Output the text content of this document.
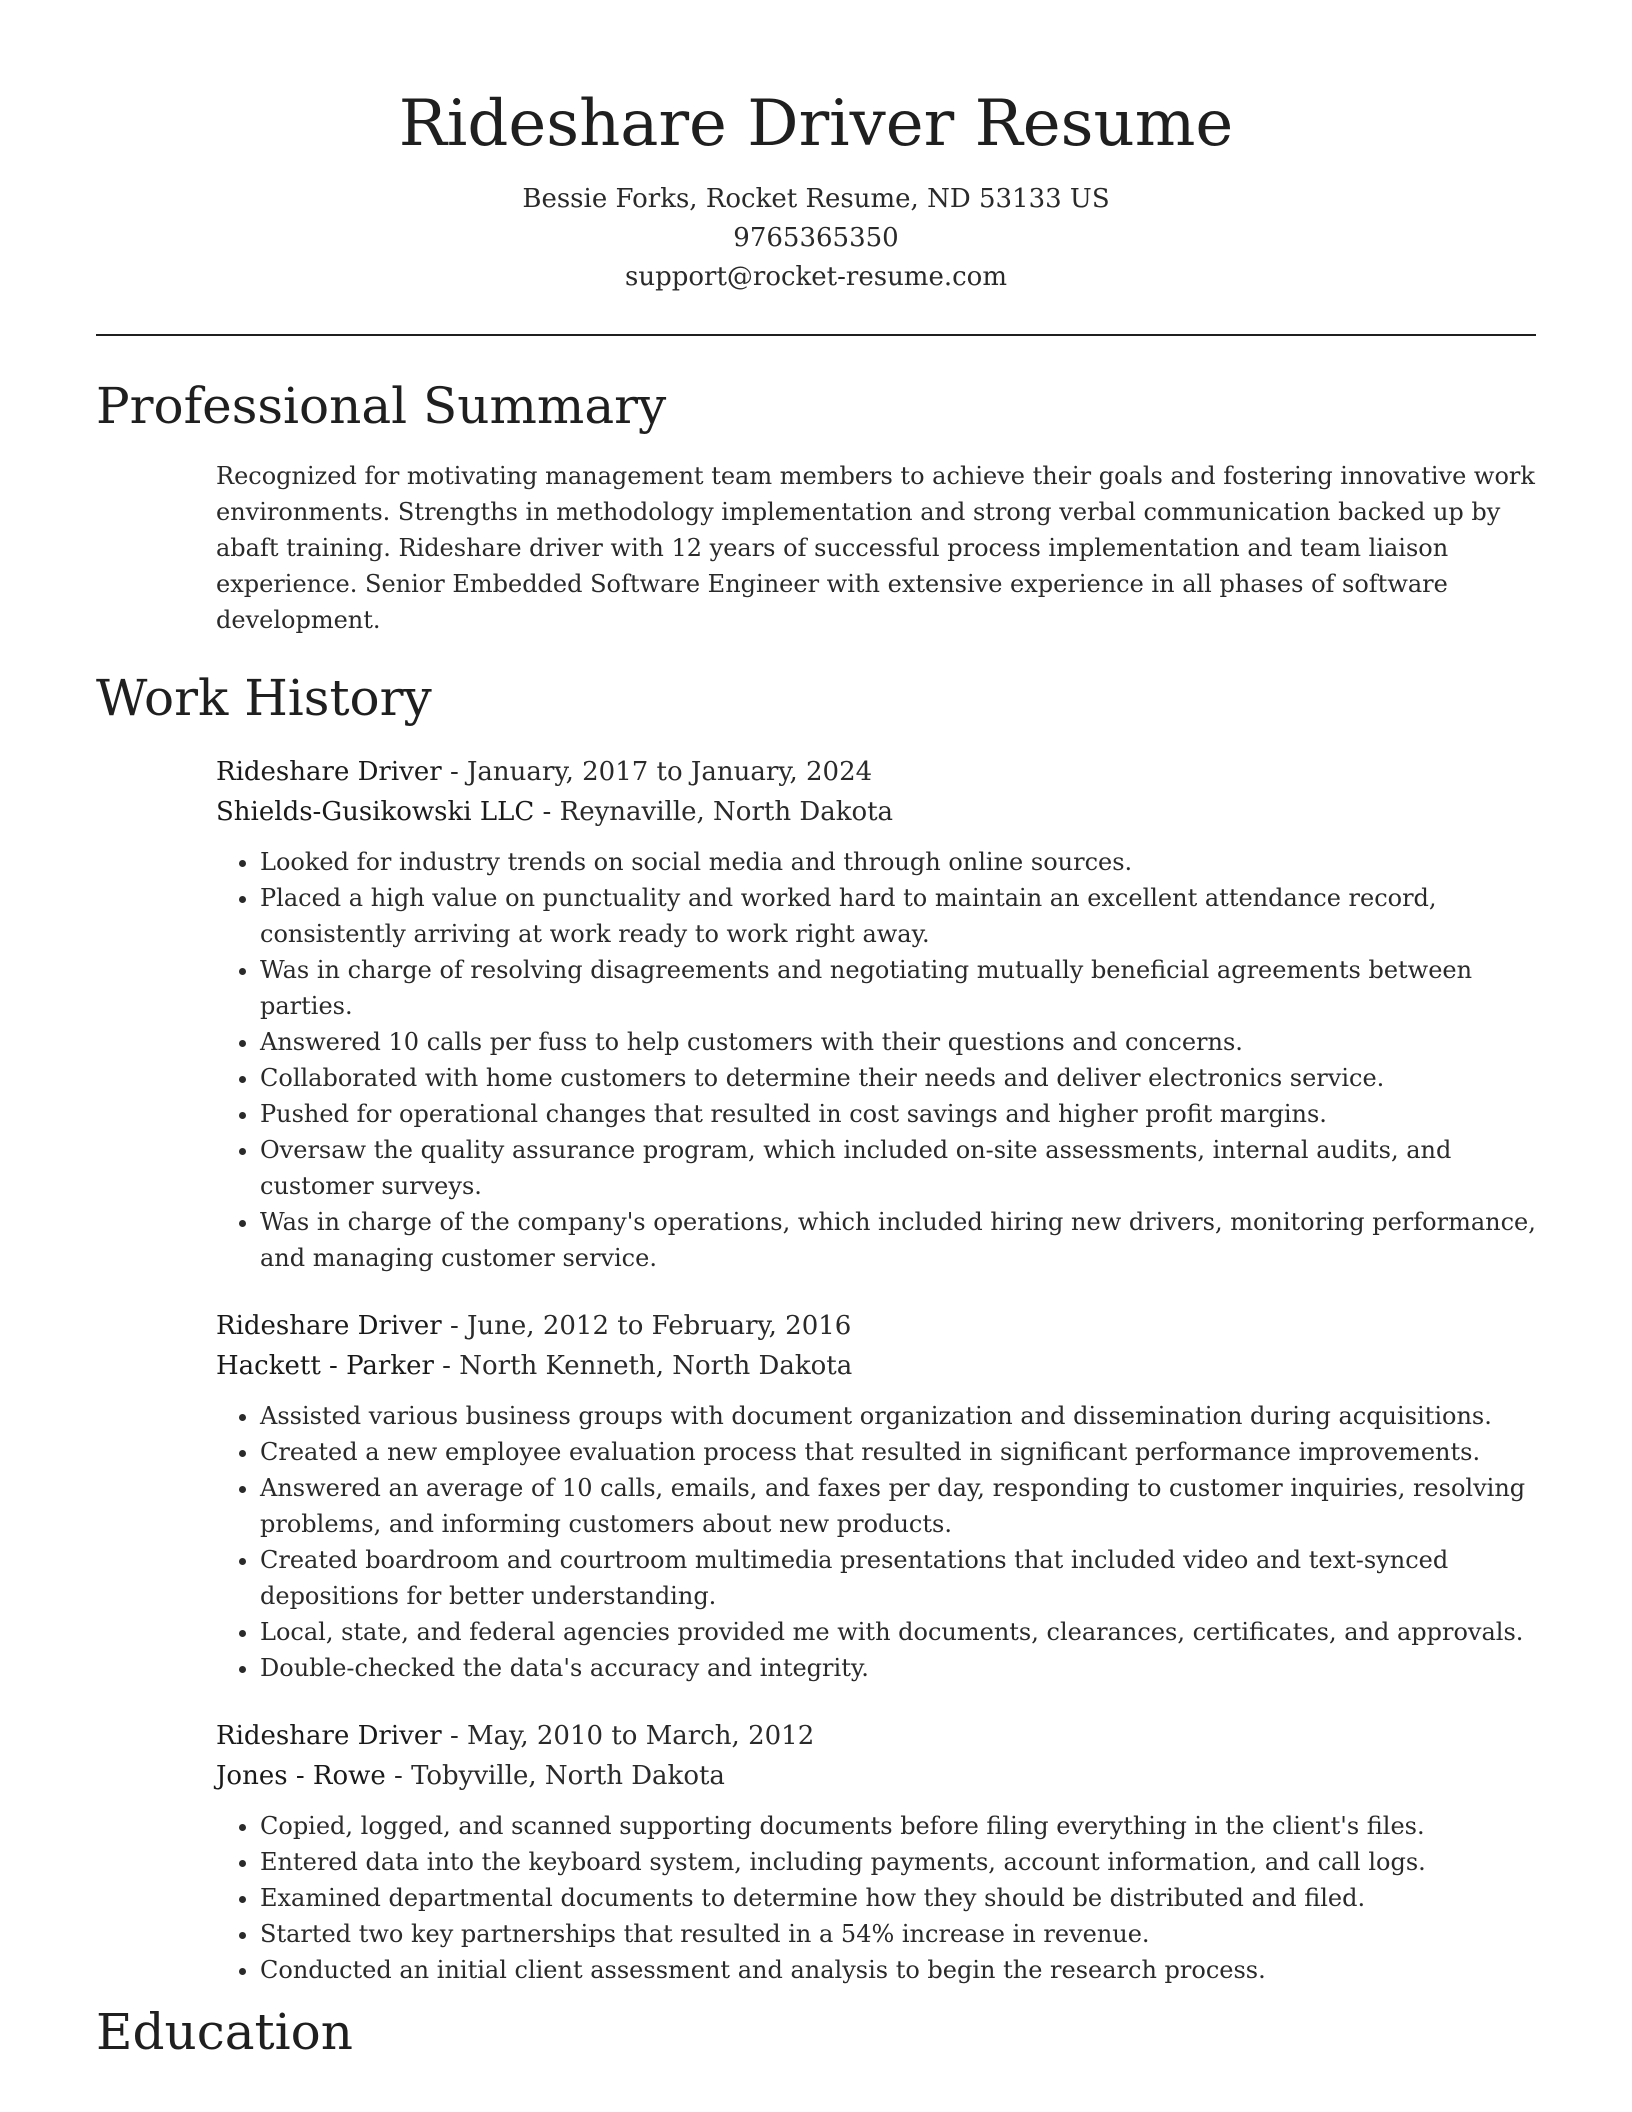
Rideshare Driver Resume
Bessie Forks, Rocket Resume, ND 53133 US
9765365350
support@rocket-resume.com
Professional Summary

Recognized for motivating management team members to achieve their goals and fostering innovative work environments. Strengths in methodology implementation and strong verbal communication backed up by abaft training. Rideshare driver with 12 years of successful process implementation and team liaison experience. Senior Embedded Software Engineer with extensive experience in all phases of software development.

Work History
Rideshare Driver - January, 2017 to January, 2024
Shields-Gusikowski LLC - Reynaville, North Dakota
• Looked for industry trends on social media and through online sources.
• Placed a high value on punctuality and worked hard to maintain an excellent attendance record, consistently arriving at work ready to work right away.
• Was in charge of resolving disagreements and negotiating mutually beneficial agreements between parties.
• Answered 10 calls per fuss to help customers with their questions and concerns.
• Collaborated with home customers to determine their needs and deliver electronics service.
• Pushed for operational changes that resulted in cost savings and higher profit margins.
• Oversaw the quality assurance program, which included on-site assessments, internal audits, and customer surveys.
• Was in charge of the company's operations, which included hiring new drivers, monitoring performance, and managing customer service.
Rideshare Driver - June, 2012 to February, 2016
Hackett - Parker - North Kenneth, North Dakota
• Assisted various business groups with document organization and dissemination during acquisitions.
• Created a new employee evaluation process that resulted in significant performance improvements.
• Answered an average of 10 calls, emails, and faxes per day, responding to customer inquiries, resolving problems, and informing customers about new products.
• Created boardroom and courtroom multimedia presentations that included video and text-synced depositions for better understanding.
• Local, state, and federal agencies provided me with documents, clearances, certificates, and approvals.
• Double-checked the data's accuracy and integrity.
Rideshare Driver - May, 2010 to March, 2012
Jones - Rowe - Tobyville, North Dakota
• Copied, logged, and scanned supporting documents before filing everything in the client's files.
• Entered data into the keyboard system, including payments, account information, and call logs.
• Examined departmental documents to determine how they should be distributed and filed.
• Started two key partnerships that resulted in a 54% increase in revenue.
• Conducted an initial client assessment and analysis to begin the research process.
Education
